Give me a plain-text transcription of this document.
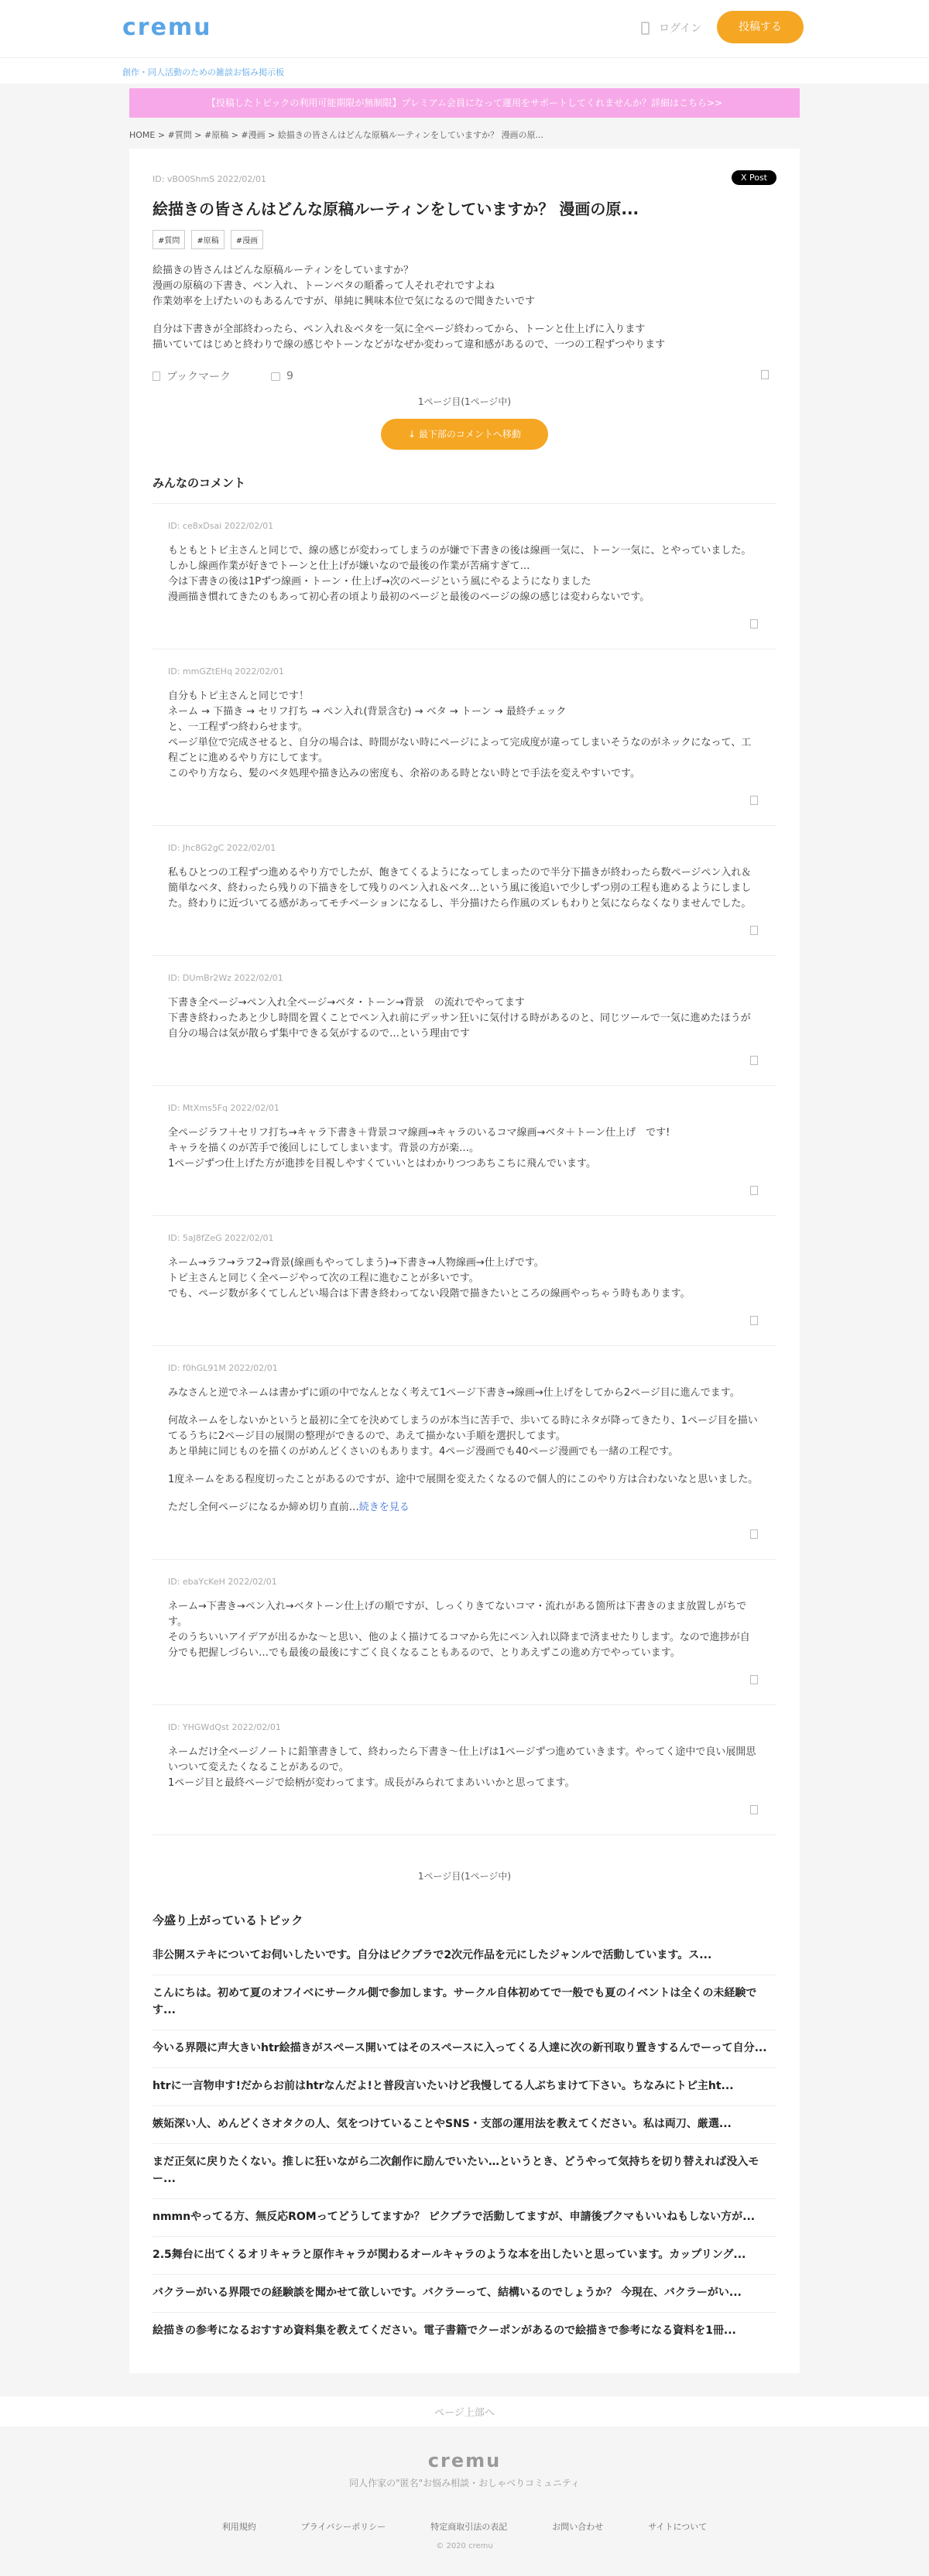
cremu	ログイン	投稿する
創作・同人活動のための雑談お悩み掲示板
【投稿したトピックの利用可能期限が無制限】プレミアム会員になって運用をサポートしてくれませんか？詳細はこちら>>
HOME > #質問 > #原稿 > #漫画 > 絵描きの皆さんはどんな原稿ルーティンをしていますか？ 漫画の原...
ID: vBO0ShmS 2022/02/01	X Post
絵描きの皆さんはどんな原稿ルーティンをしていますか？ 漫画の原...
#質問	#原稿	#漫画

絵描きの皆さんはどんな原稿ルーティンをしていますか？

漫画の原稿の下書き、ペン入れ、トーンベタの順番って人それぞれですよね

作業効率を上げたいのもあるんですが、単純に興味本位で気になるので聞きたいです

自分は下書きが全部終わったら、ペン入れ＆ベタを一気に全ページ終わってから、トーンと仕上げに入ります

描いていてはじめと終わりで線の感じやトーンなどがなぜか変わって違和感があるので、一つの工程ずつやります

ブックマーク	9
1ページ目(1ページ中)
↓ 最下部のコメントへ移動
みんなのコメント
ID: ce8xDsai 2022/02/01

もともとトビ主さんと同じで、線の感じが変わってしまうのが嫌で下書きの後は線画一気に、トーン一気に、とやっていました。

しかし線画作業が好きでトーンと仕上げが嫌いなので最後の作業が苦痛すぎて…

今は下書きの後は1Pずつ線画・トーン・仕上げ→次のページという風にやるようになりました

漫画描き慣れてきたのもあって初心者の頃より最初のページと最後のページの線の感じは変わらないです。

ID: mmGZtEHq 2022/02/01

自分もトピ主さんと同じです！

ネーム → 下描き → セリフ打ち → ペン入れ(背景含む) → ベタ → トーン → 最終チェック

と、一工程ずつ終わらせます。

ページ単位で完成させると、自分の場合は、時間がない時にページによって完成度が違ってしまいそうなのがネックになって、工程ごとに進めるやり方にしてます。

このやり方なら、髪のベタ処理や描き込みの密度も、余裕のある時とない時とで手法を変えやすいです。

ID: Jhc8G2gC 2022/02/01

私もひとつの工程ずつ進めるやり方でしたが、飽きてくるようになってしまったので半分下描きが終わったら数ページペン入れ＆簡単なベタ、終わったら残りの下描きをして残りのペン入れ＆ベタ…という風に後追いで少しずつ別の工程も進めるようにしました。終わりに近づいてる感があってモチベーションになるし、半分描けたら作風のズレもわりと気にならなくなりませんでした。

ID: DUmBr2Wz 2022/02/01

下書き全ページ→ペン入れ全ページ→ベタ・トーン→背景　の流れでやってます

下書き終わったあと少し時間を置くことでペン入れ前にデッサン狂いに気付ける時があるのと、同じツールで一気に進めたほうが自分の場合は気が散らず集中できる気がするので…という理由です

ID: MtXms5Fq 2022/02/01

全ページラフ＋セリフ打ち→キャラ下書き＋背景コマ線画→キャラのいるコマ線画→ベタ＋トーン仕上げ　です!

キャラを描くのが苦手で後回しにしてしまいます。背景の方が楽…。

1ページずつ仕上げた方が進捗を目視しやすくていいとはわかりつつあちこちに飛んでいます。

ID: 5aJ8fZeG 2022/02/01

ネーム→ラフ→ラフ2→背景(線画もやってしまう)→下書き→人物線画→仕上げです。

トピ主さんと同じく全ページやって次の工程に進むことが多いです。

でも、ページ数が多くてしんどい場合は下書き終わってない段階で描きたいところの線画やっちゃう時もあります。

ID: f0hGL91M 2022/02/01

みなさんと逆でネームは書かずに頭の中でなんとなく考えて1ページ下書き→線画→仕上げをしてから2ページ目に進んでます。

何故ネームをしないかというと最初に全てを決めてしまうのが本当に苦手で、歩いてる時にネタが降ってきたり、1ページ目を描いてるうちに2ページ目の展開の整理ができるので、あえて描かない手順を選択してます。

あと単純に同じものを描くのがめんどくさいのもあります。4ページ漫画でも40ページ漫画でも一緒の工程です。

1度ネームをある程度切ったことがあるのですが、途中で展開を変えたくなるので個人的にこのやり方は合わないなと思いました。

ただし全何ページになるか締め切り直前…続きを見る

ID: ebaYcKeH 2022/02/01

ネーム→下書き→ペン入れ→ベタトーン仕上げの順ですが、しっくりきてないコマ・流れがある箇所は下書きのまま放置しがちです。

そのうちいいアイデアが出るかな〜と思い、他のよく描けてるコマから先にペン入れ以降まで済ませたりします。なので進捗が自分でも把握しづらい…でも最後の最後にすごく良くなることもあるので、とりあえずこの進め方でやっています。

ID: YHGWdQst 2022/02/01

ネームだけ全ページノートに鉛筆書きして、終わったら下書き〜仕上げは1ページずつ進めていきます。やってく途中で良い展開思いついて変えたくなることがあるので。

1ページ目と最終ページで絵柄が変わってます。成長がみられてまあいいかと思ってます。

1ページ目(1ページ中)
今盛り上がっているトピック
非公開ステキについてお伺いしたいです。自分はピクブラで2次元作品を元にしたジャンルで活動しています。ス...
こんにちは。初めて夏のオフイベにサークル側で参加します。サークル自体初めてで一般でも夏のイベントは全くの未経験です...
今いる界隈に声大きいhtr絵描きがスペース開いてはそのスペースに入ってくる人達に次の新刊取り置きするんでーって自分...
htrに一言物申す!だからお前はhtrなんだよ!と普段言いたいけど我慢してる人ぶちまけて下さい。ちなみにトピ主ht...
嫉妬深い人、めんどくさオタクの人、気をつけていることやSNS・支部の運用法を教えてください。私は両刀、厳選...
まだ正気に戻りたくない。推しに狂いながら二次創作に励んでいたい…というとき、どうやって気持ちを切り替えれば没入モー...
nmmnやってる方、無反応ROMってどうしてますか？ ピクブラで活動してますが、申請後ブクマもいいねもしない方が...
2.5舞台に出てくるオリキャラと原作キャラが関わるオールキャラのような本を出したいと思っています。カップリング...
バクラーがいる界隈での経験談を聞かせて欲しいです。バクラーって、結構いるのでしょうか？ 今現在、バクラーがい...
絵描きの参考になるおすすめ資料集を教えてください。電子書籍でクーポンがあるので絵描きで参考になる資料を1冊...
ページ上部へ
cremu
同人作家の"匿名"お悩み相談・おしゃべりコミュニティ
利用規約	プライバシーポリシー	特定商取引法の表記	お問い合わせ	サイトについて
© 2020 cremu
